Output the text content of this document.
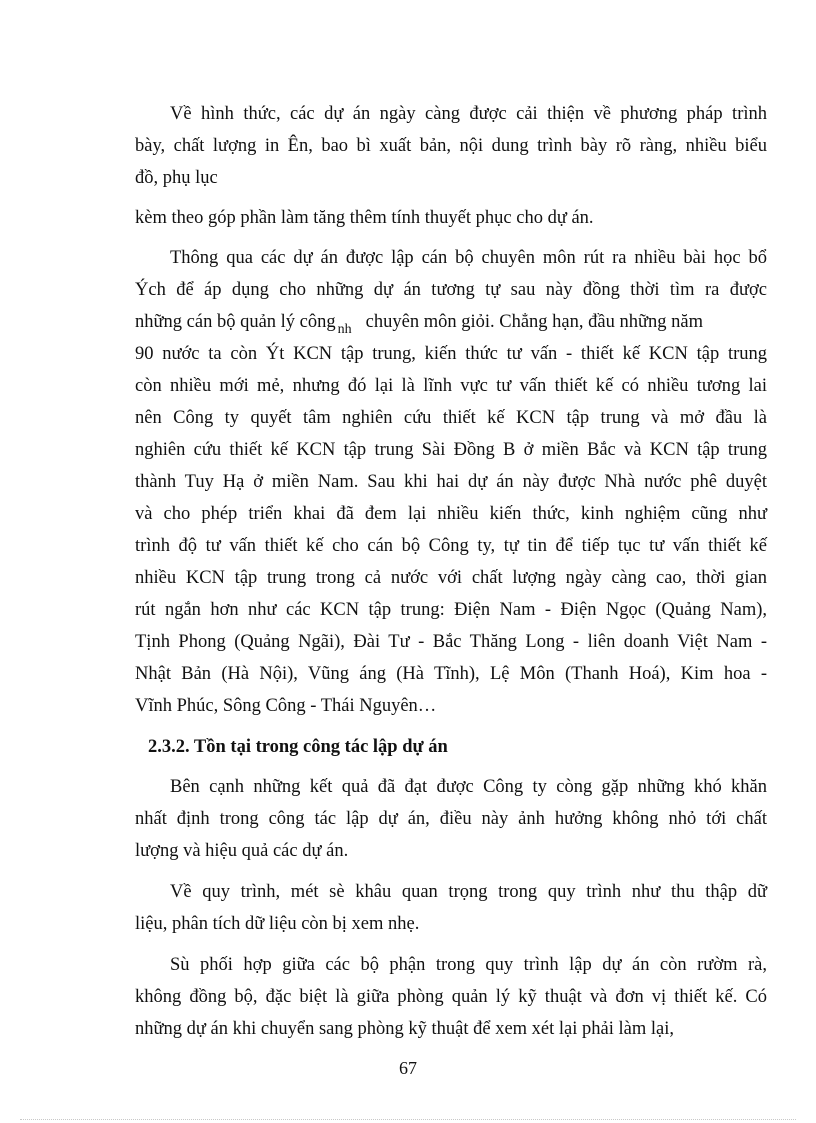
Về hình thức, các dự án ngày càng được cải thiện về phương pháp trình
bày, chất lượng in Ên, bao bì xuất bản, nội dung trình bày rõ ràng, nhiều biểu
đồ, phụ lục
kèm theo góp phần làm tăng thêm tính thuyết phục cho dự án.
Thông qua các dự án được lập cán bộ chuyên môn rút ra nhiều bài học bổ
Ých để áp dụng cho những dự án tương tự sau này đồng thời tìm ra được
những cán bộ quản lý công $_{nh}$ chuyên môn giỏi. Chẳng hạn, đầu những năm
90 nước ta còn Ýt KCN tập trung, kiến thức tư vấn - thiết kế KCN tập trung
còn nhiều mới mẻ, nhưng đó lại là lĩnh vực tư vấn thiết kế có nhiều tương lai
nên Công ty quyết tâm nghiên cứu thiết kế KCN tập trung và mở đầu là
nghiên cứu thiết kế KCN tập trung Sài Đồng B ở miền Bắc và KCN tập trung
thành Tuy Hạ ở miền Nam. Sau khi hai dự án này được Nhà nước phê duyệt
và cho phép triển khai đã đem lại nhiều kiến thức, kinh nghiệm cũng như
trình độ tư vấn thiết kế cho cán bộ Công ty, tự tin để tiếp tục tư vấn thiết kế
nhiều KCN tập trung trong cả nước với chất lượng ngày càng cao, thời gian
rút ngắn hơn như các KCN tập trung: Điện Nam - Điện Ngọc (Quảng Nam),
Tịnh Phong (Quảng Ngãi), Đài Tư - Bắc Thăng Long - liên doanh Việt Nam -
Nhật Bản (Hà Nội), Vũng áng (Hà Tĩnh), Lệ Môn (Thanh Hoá), Kim hoa -
Vĩnh Phúc, Sông Công - Thái Nguyên…
2.3.2. Tồn tại trong công tác lập dự án
Bên cạnh những kết quả đã đạt được Công ty còng gặp những khó khăn
nhất định trong công tác lập dự án, điều này ảnh hưởng không nhỏ tới chất
lượng và hiệu quả các dự án.
Về quy trình, mét sè khâu quan trọng trong quy trình như thu thập dữ
liệu, phân tích dữ liệu còn bị xem nhẹ.
Sù phối hợp giữa các bộ phận trong quy trình lập dự án còn rườm rà,
không đồng bộ, đặc biệt là giữa phòng quản lý kỹ thuật và đơn vị thiết kế. Có
những dự án khi chuyển sang phòng kỹ thuật để xem xét lại phải làm lại,
67
